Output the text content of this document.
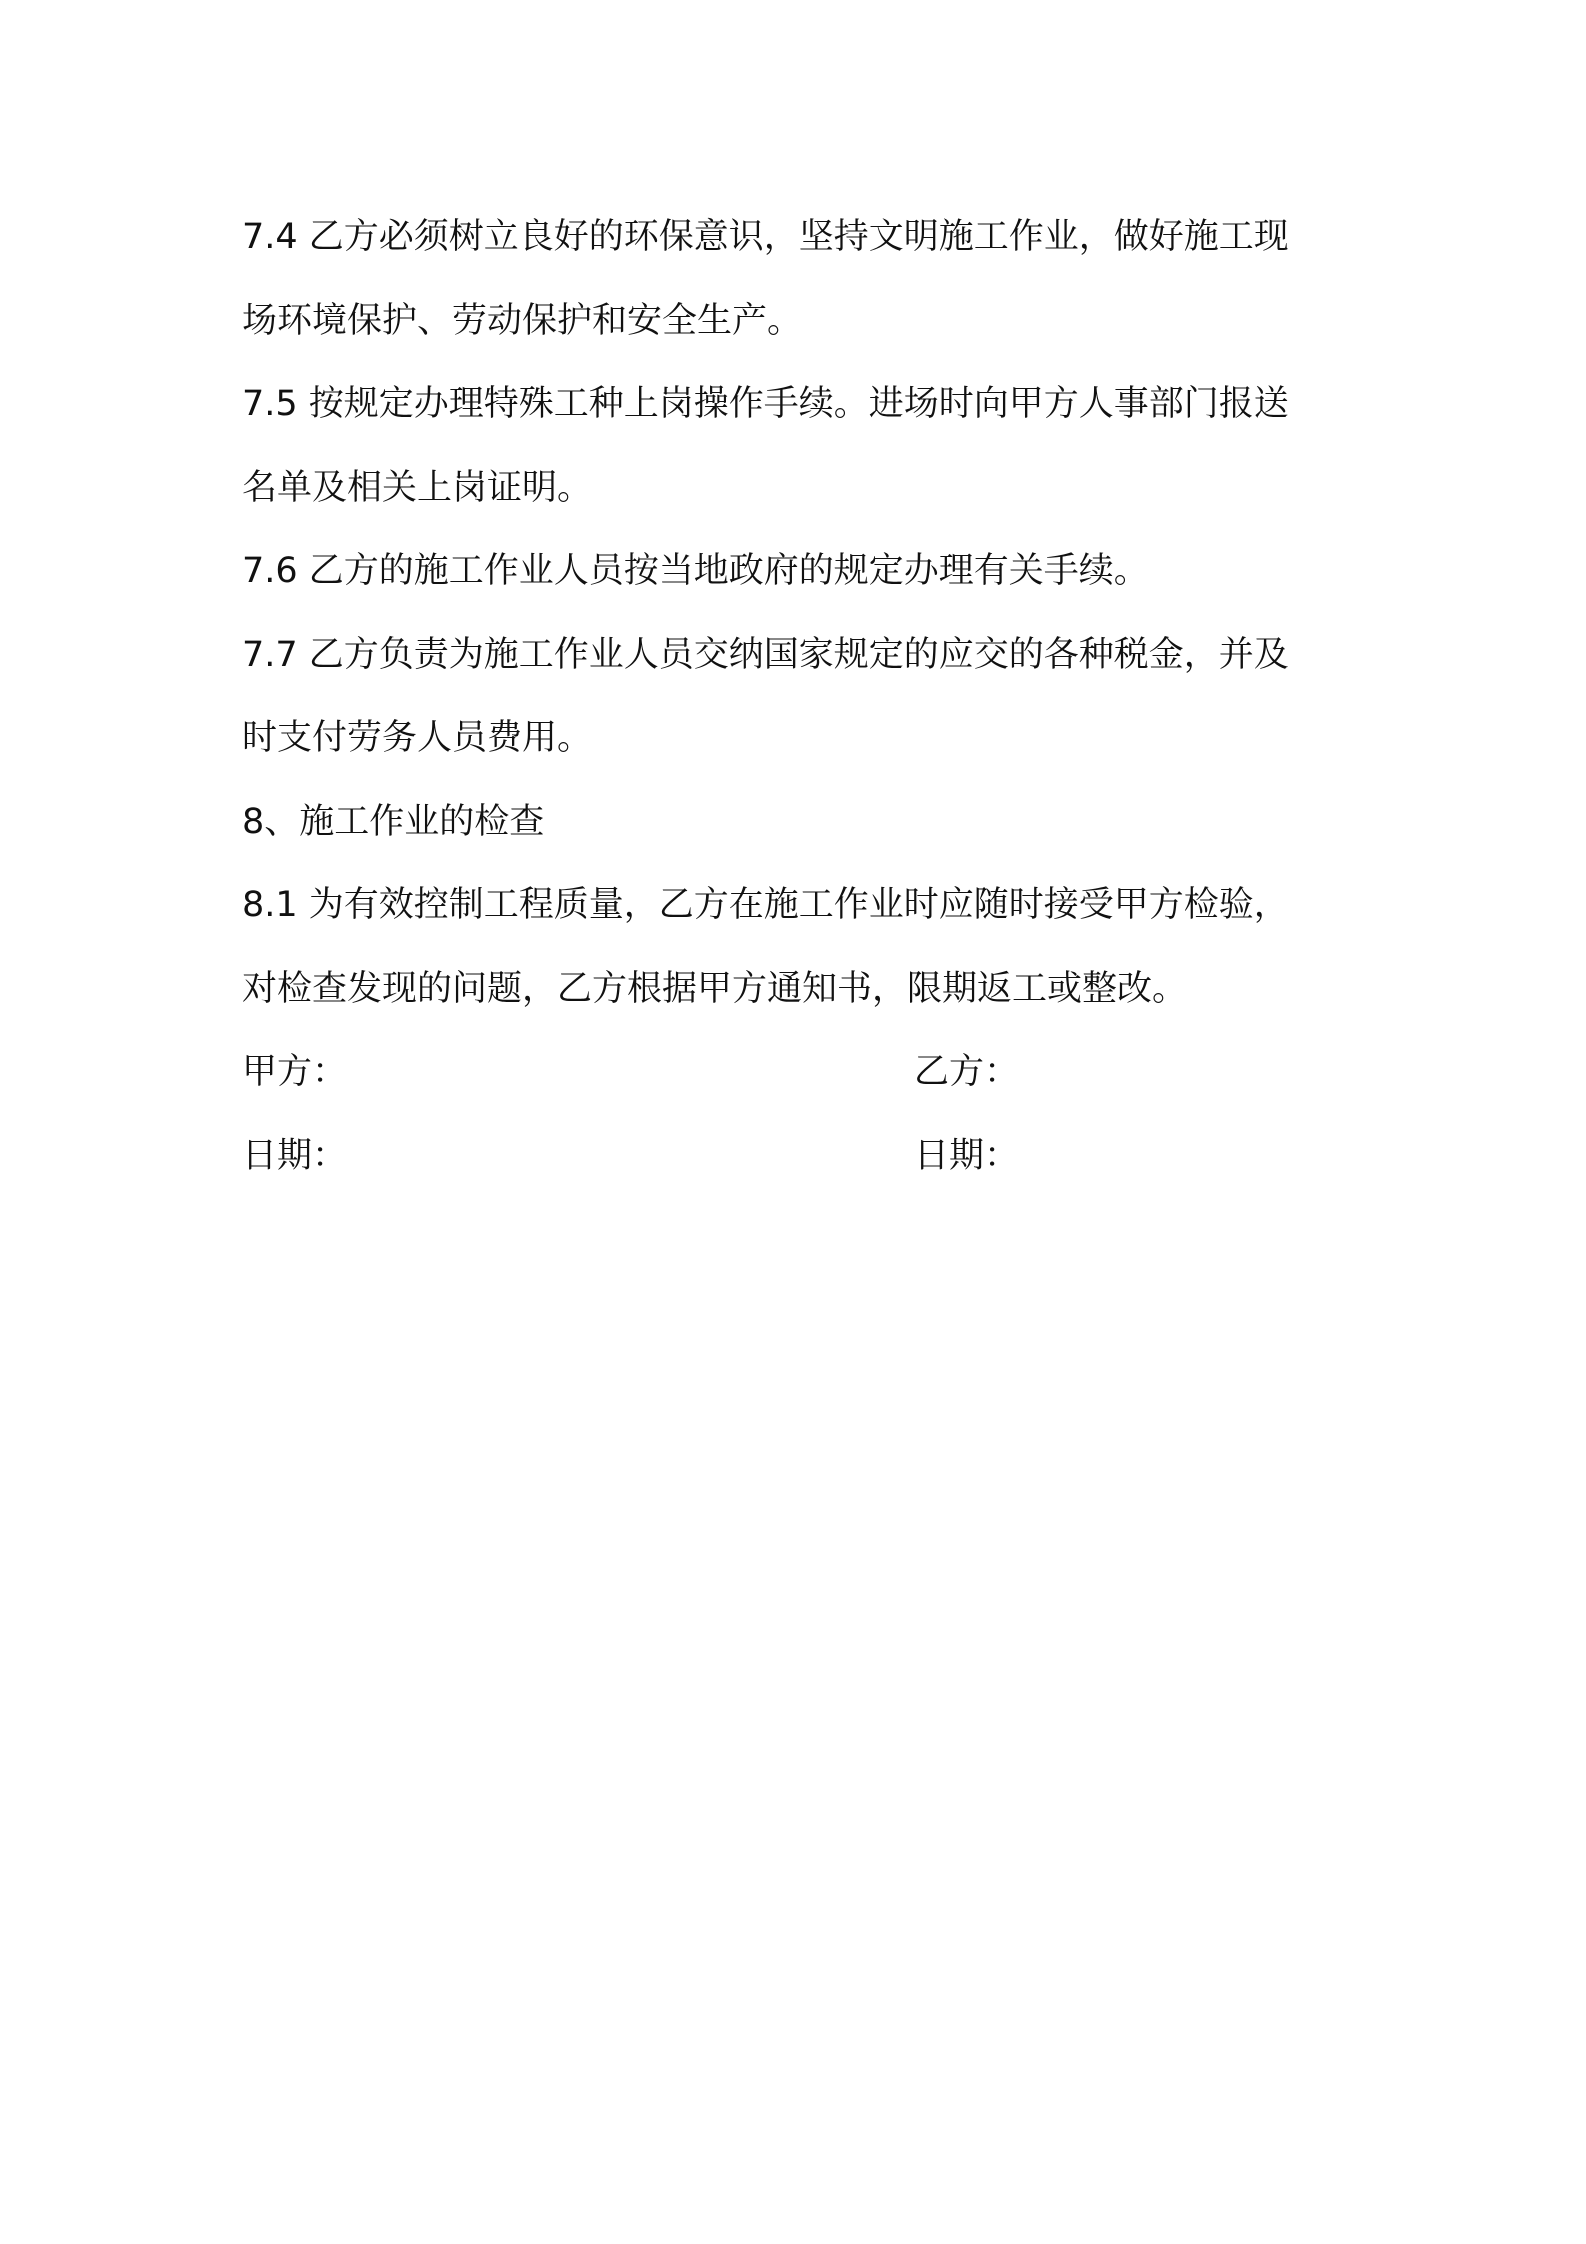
7.4 乙方必须树立良好的环保意识，坚持文明施工作业，做好施工现
场环境保护、劳动保护和安全生产。
7.5 按规定办理特殊工种上岗操作手续。进场时向甲方人事部门报送
名单及相关上岗证明。
7.6 乙方的施工作业人员按当地政府的规定办理有关手续。
7.7 乙方负责为施工作业人员交纳国家规定的应交的各种税金，并及
时支付劳务人员费用。
8、施工作业的检查
8.1 为有效控制工程质量，乙方在施工作业时应随时接受甲方检验，
对检查发现的问题，乙方根据甲方通知书，限期返工或整改。
甲方：	乙方：
日期：	日期：
